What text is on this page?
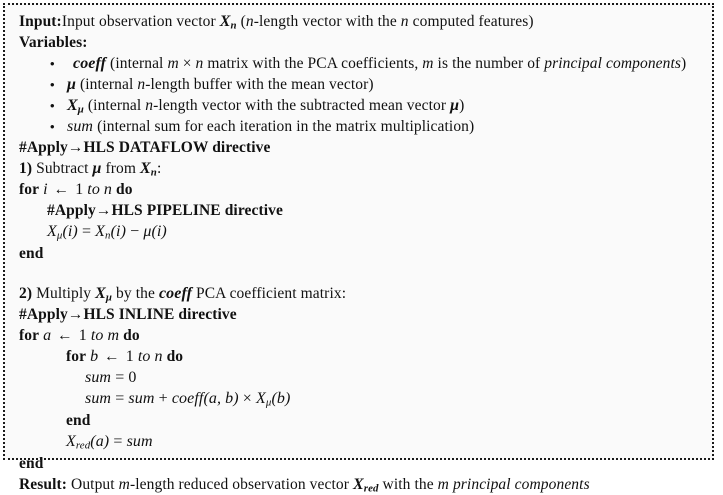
Input:Input observation vector $X_n$ (n-length vector with the n computed features)
Variables:
• coeff (internal m × n matrix with the PCA coefficients, m is the number of principal components)
• μ (internal n-length buffer with the mean vector)
• $X_\mu$ (internal n-length vector with the subtracted mean vector μ)
• sum (internal sum for each iteration in the matrix multiplication)
#Apply→HLS DATAFLOW directive
1) Subtract μ from $X_n$:
for i ← 1 to n do
#Apply→HLS PIPELINE directive
$X_\mu(i) = X_n(i) - \mu(i)$
end
2) Multiply $X_\mu$ by the coeff PCA coefficient matrix:
#Apply→HLS INLINE directive
for a ← 1 to m do
for b ← 1 to n do
sum = 0
sum = sum + coeff(a, $b) \times X_\mu(b)$
end
$X_{red}(a)$ = sum
end
Result: Output m-length reduced observation vector $X_{red}$ with the m principal components
